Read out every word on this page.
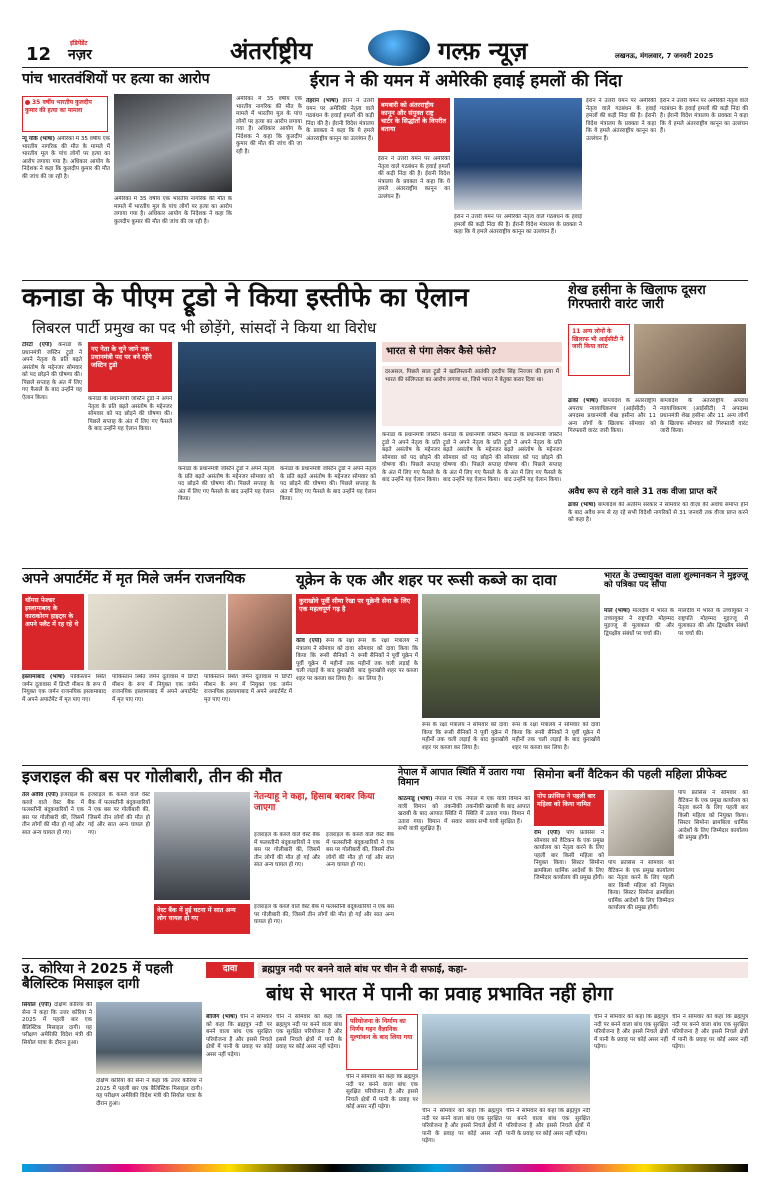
12
इंडिपेंडेंट
नज़र	अंतर्राष्ट्रीय	गल्फ़ न्यूज़	लखनऊ, मंगलवार, 7 जनवरी 2025
पांच भारतवंशियों पर हत्या का आरोप
35 वर्षीय भारतीय कुलदीप कुमार की हत्या का मामला
न्यू यॉर्क (भाषा) अमेरिका में 35 वर्षीय एक भारतीय नागरिक की मौत के मामले में भारतीय मूल के पांच लोगों पर हत्या का आरोप लगाया गया है। अधिकार आयोग के निदेशक ने कहा कि कुलदीप कुमार की मौत की जांच की जा रही है।
अमेरिका में 35 वर्षीय एक भारतीय नागरिक की मौत के मामले में भारतीय मूल के पांच लोगों पर हत्या का आरोप लगाया गया है। अधिकार आयोग के निदेशक ने कहा कि कुलदीप कुमार की मौत की जांच की जा रही है।
अमेरिका में 35 वर्षीय एक भारतीय नागरिक की मौत के मामले में भारतीय मूल के पांच लोगों पर हत्या का आरोप लगाया गया है। अधिकार आयोग के निदेशक ने कहा कि कुलदीप कुमार की मौत की जांच की जा रही है।
ईरान ने की यमन में अमेरिकी हवाई हमलों की निंदा
तेहरान (भाषा) ईरान ने उत्तरी यमन पर अमेरिकी नेतृत्व वाले गठबंधन के हवाई हमलों की कड़ी निंदा की है। ईरानी विदेश मंत्रालय के प्रवक्ता ने कहा कि ये हमले अंतरराष्ट्रीय कानून का उल्लंघन हैं।
बमबारी को अंतरराष्ट्रीय कानून और संयुक्त राष्ट्र चार्टर के सिद्धांतों के विपरीत बताया
ईरान ने उत्तरी यमन पर अमेरिकी नेतृत्व वाले गठबंधन के हवाई हमलों की कड़ी निंदा की है। ईरानी विदेश मंत्रालय के प्रवक्ता ने कहा कि ये हमले अंतरराष्ट्रीय कानून का उल्लंघन हैं।
ईरान ने उत्तरी यमन पर अमेरिकी नेतृत्व वाले गठबंधन के हवाई हमलों की कड़ी निंदा की है। ईरानी विदेश मंत्रालय के प्रवक्ता ने कहा कि ये हमले अंतरराष्ट्रीय कानून का उल्लंघन हैं।
ईरान ने उत्तरी यमन पर अमेरिकी नेतृत्व वाले गठबंधन के हवाई हमलों की कड़ी निंदा की है। ईरानी विदेश मंत्रालय के प्रवक्ता ने कहा कि ये हमले अंतरराष्ट्रीय कानून का उल्लंघन हैं।
ईरान ने उत्तरी यमन पर अमेरिकी नेतृत्व वाले गठबंधन के हवाई हमलों की कड़ी निंदा की है। ईरानी विदेश मंत्रालय के प्रवक्ता ने कहा कि ये हमले अंतरराष्ट्रीय कानून का उल्लंघन हैं।
कनाडा के पीएम ट्रूडो ने किया इस्तीफे का ऐलान
लिबरल पार्टी प्रमुख का पद भी छोड़ेंगे, सांसदों ने किया था विरोध
टोरंटो (एपी) कनाडा के प्रधानमंत्री जस्टिन ट्रूडो ने अपने नेतृत्व के प्रति बढ़ते असंतोष के मद्देनजर सोमवार को पद छोड़ने की घोषणा की। पिछले सप्ताह के अंत में लिए गए फैसले के बाद उन्होंने यह ऐलान किया।
नए नेता के चुने जाने तक प्रधानमंत्री पद पर बने रहेंगे जस्टिन ट्रूडो
कनाडा के प्रधानमंत्री जस्टिन ट्रूडो ने अपने नेतृत्व के प्रति बढ़ते असंतोष के मद्देनजर सोमवार को पद छोड़ने की घोषणा की। पिछले सप्ताह के अंत में लिए गए फैसले के बाद उन्होंने यह ऐलान किया।
कनाडा के प्रधानमंत्री जस्टिन ट्रूडो ने अपने नेतृत्व के प्रति बढ़ते असंतोष के मद्देनजर सोमवार को पद छोड़ने की घोषणा की। पिछले सप्ताह के अंत में लिए गए फैसले के बाद उन्होंने यह ऐलान किया।
कनाडा के प्रधानमंत्री जस्टिन ट्रूडो ने अपने नेतृत्व के प्रति बढ़ते असंतोष के मद्देनजर सोमवार को पद छोड़ने की घोषणा की। पिछले सप्ताह के अंत में लिए गए फैसले के बाद उन्होंने यह ऐलान किया।
भारत से पंगा लेकर कैसे फंसे?
दरअसल, पिछले साल ट्रूडो ने खालिस्तानी आतंकी हरदीप सिंह निज्जर की हत्या में भारत की संलिप्तता का आरोप लगाया था, जिसे भारत ने बेतुका करार दिया था।
कनाडा के प्रधानमंत्री जस्टिन ट्रूडो ने अपने नेतृत्व के प्रति बढ़ते असंतोष के मद्देनजर सोमवार को पद छोड़ने की घोषणा की। पिछले सप्ताह के अंत में लिए गए फैसले के बाद उन्होंने यह ऐलान किया।
कनाडा के प्रधानमंत्री जस्टिन ट्रूडो ने अपने नेतृत्व के प्रति बढ़ते असंतोष के मद्देनजर सोमवार को पद छोड़ने की घोषणा की। पिछले सप्ताह के अंत में लिए गए फैसले के बाद उन्होंने यह ऐलान किया।
कनाडा के प्रधानमंत्री जस्टिन ट्रूडो ने अपने नेतृत्व के प्रति बढ़ते असंतोष के मद्देनजर सोमवार को पद छोड़ने की घोषणा की। पिछले सप्ताह के अंत में लिए गए फैसले के बाद उन्होंने यह ऐलान किया।
शेख हसीना के खिलाफ दूसरा गिरफ्तारी वारंट जारी
11 अन्य लोगों के खिलाफ भी आईसीटी ने जारी किया वारंट
ढाका (भाषा) बांग्लादेश के अंतरराष्ट्रीय अपराध न्यायाधिकरण (आईसीटी) ने अपदस्थ प्रधानमंत्री शेख हसीना और 11 अन्य लोगों के खिलाफ सोमवार को गिरफ्तारी वारंट जारी किया।
बांग्लादेश के अंतरराष्ट्रीय अपराध न्यायाधिकरण (आईसीटी) ने अपदस्थ प्रधानमंत्री शेख हसीना और 11 अन्य लोगों के खिलाफ सोमवार को गिरफ्तारी वारंट जारी किया।
अवैध रूप से रहने वाले 31 तक वीजा प्राप्त करें
ढाका (भाषा) बांग्लादेश की अंतरिम सरकार ने सोमवार को वीज़ा की अवधि समाप्त होने के बाद अवैध रूप से रह रहे सभी विदेशी नागरिकों से 31 जनवरी तक वीजा प्राप्त करने को कहा है।
अपने अपार्टमेंट में मृत मिले जर्मन राजनयिक
थॉमस फेल्डर इस्लामाबाद के काराकोरम हाइट्स के अपने फ्लैट में रह रहे थे
इस्लामाबाद (भाषा) पाकिस्तान स्थित जर्मन दूतावास में डिप्टी मीशन के रूप में नियुक्त एक जर्मन राजनयिक इस्लामाबाद में अपने अपार्टमेंट में मृत पाए गए।
पाकिस्तान स्थित जर्मन दूतावास में डिप्टी मीशन के रूप में नियुक्त एक जर्मन राजनयिक इस्लामाबाद में अपने अपार्टमेंट में मृत पाए गए।
पाकिस्तान स्थित जर्मन दूतावास में डिप्टी मीशन के रूप में नियुक्त एक जर्मन राजनयिक इस्लामाबाद में अपने अपार्टमेंट में मृत पाए गए।
यूक्रेन के एक और शहर पर रूसी कब्जे का दावा
कुराखोवे पूर्वी सीमा रेखा पर यूक्रेनी सेना के लिए एक महत्वपूर्ण गढ़ है
कीव (एपी) रूस के रक्षा मंत्रालय ने सोमवार को दावा किया कि रूसी सैनिकों ने पूर्वी यूक्रेन में महीनों तक चली लड़ाई के बाद कुराखोवे शहर पर कब्जा कर लिया है।
रूस के रक्षा मंत्रालय ने सोमवार को दावा किया कि रूसी सैनिकों ने पूर्वी यूक्रेन में महीनों तक चली लड़ाई के बाद कुराखोवे शहर पर कब्जा कर लिया है।
रूस के रक्षा मंत्रालय ने सोमवार को दावा किया कि रूसी सैनिकों ने पूर्वी यूक्रेन में महीनों तक चली लड़ाई के बाद कुराखोवे शहर पर कब्जा कर लिया है।
रूस के रक्षा मंत्रालय ने सोमवार को दावा किया कि रूसी सैनिकों ने पूर्वी यूक्रेन में महीनों तक चली लड़ाई के बाद कुराखोवे शहर पर कब्जा कर लिया है।
भारत के उच्चायुक्त वाला शुल्मानकन ने मुइज्जू को पत्रिका पद सौंपा
माले (भाषा) मालदीव में भारत के उच्चायुक्त ने राष्ट्रपति मोहम्मद मुइज्जू से मुलाकात की और द्विपक्षीय संबंधों पर चर्चा की।
मालदीव में भारत के उच्चायुक्त ने राष्ट्रपति मोहम्मद मुइज्जू से मुलाकात की और द्विपक्षीय संबंधों पर चर्चा की।
इजराइल की बस पर गोलीबारी, तीन की मौत
तेल अवीव (एपी) इजराइल के कब्जे वाले वेस्ट बैंक में फलस्तीनी बंदूकधारियों ने एक बस पर गोलीबारी की, जिसमें तीन लोगों की मौत हो गई और सात अन्य घायल हो गए।
इजराइल के कब्जे वाले वेस्ट बैंक में फलस्तीनी बंदूकधारियों ने एक बस पर गोलीबारी की, जिसमें तीन लोगों की मौत हो गई और सात अन्य घायल हो गए।
नेतन्याहू ने कहा, हिसाब बराबर किया जाएगा
इजराइल के कब्जे वाले वेस्ट बैंक में फलस्तीनी बंदूकधारियों ने एक बस पर गोलीबारी की, जिसमें तीन लोगों की मौत हो गई और सात अन्य घायल हो गए।
इजराइल के कब्जे वाले वेस्ट बैंक में फलस्तीनी बंदूकधारियों ने एक बस पर गोलीबारी की, जिसमें तीन लोगों की मौत हो गई और सात अन्य घायल हो गए।
वेस्ट बैंक में हुई घटना में सात अन्य लोग घायल हो गए
इजराइल के कब्जे वाले वेस्ट बैंक में फलस्तीनी बंदूकधारियों ने एक बस पर गोलीबारी की, जिसमें तीन लोगों की मौत हो गई और सात अन्य घायल हो गए।
नेपाल में आपात स्थिति में उतारा गया विमान
काठमांडू (भाषा) नेपाल में एक यात्री विमान को तकनीकी खराबी के बाद आपात स्थिति में उतारा गया। विमान में सवार सभी यात्री सुरक्षित हैं।
नेपाल में एक यात्री विमान को तकनीकी खराबी के बाद आपात स्थिति में उतारा गया। विमान में सवार सभी यात्री सुरक्षित हैं।
सिमोना बनीं वैटिकन की पहली महिला प्रीफेक्ट
पोप फ्रांसिस ने पहली बार महिला को किया नामित
रोम (एपी) पोप फ्रांसिस ने सोमवार को वैटिकन के एक प्रमुख कार्यालय का नेतृत्व करने के लिए पहली बार किसी महिला को नियुक्त किया। सिस्टर सिमोना ब्रामबिला धार्मिक आदेशों के लिए जिम्मेदार कार्यालय की प्रमुख होंगी।
पोप फ्रांसिस ने सोमवार को वैटिकन के एक प्रमुख कार्यालय का नेतृत्व करने के लिए पहली बार किसी महिला को नियुक्त किया। सिस्टर सिमोना ब्रामबिला धार्मिक आदेशों के लिए जिम्मेदार कार्यालय की प्रमुख होंगी।
पोप फ्रांसिस ने सोमवार को वैटिकन के एक प्रमुख कार्यालय का नेतृत्व करने के लिए पहली बार किसी महिला को नियुक्त किया। सिस्टर सिमोना ब्रामबिला धार्मिक आदेशों के लिए जिम्मेदार कार्यालय की प्रमुख होंगी।
उ. कोरिया ने 2025 में पहली बैलिस्टिक मिसाइल दागी
सियोल (एपी) दक्षिण कोरिया की सेना ने कहा कि उत्तर कोरिया ने 2025 में पहली बार एक बैलिस्टिक मिसाइल दागी। यह परीक्षण अमेरिकी विदेश मंत्री की सियोल यात्रा के दौरान हुआ।
दक्षिण कोरिया की सेना ने कहा कि उत्तर कोरिया ने 2025 में पहली बार एक बैलिस्टिक मिसाइल दागी। यह परीक्षण अमेरिकी विदेश मंत्री की सियोल यात्रा के दौरान हुआ।
दावा	ब्रह्मपुत्र नदी पर बनने वाले बांध पर चीन ने दी सफाई, कहा-
बांध से भारत में पानी का प्रवाह प्रभावित नहीं होगा
बीजिंग (भाषा) चीन ने सोमवार को कहा कि ब्रह्मपुत्र नदी पर बनने वाला बांध एक सुरक्षित परियोजना है और इससे निचले क्षेत्रों में पानी के प्रवाह पर कोई असर नहीं पड़ेगा।
चीन ने सोमवार को कहा कि ब्रह्मपुत्र नदी पर बनने वाला बांध एक सुरक्षित परियोजना है और इससे निचले क्षेत्रों में पानी के प्रवाह पर कोई असर नहीं पड़ेगा।
परियोजना के निर्माण का निर्णय गहन वैज्ञानिक मूल्यांकन के बाद लिया गया
चीन ने सोमवार को कहा कि ब्रह्मपुत्र नदी पर बनने वाला बांध एक सुरक्षित परियोजना है और इससे निचले क्षेत्रों में पानी के प्रवाह पर कोई असर नहीं पड़ेगा।
चीन ने सोमवार को कहा कि ब्रह्मपुत्र नदी पर बनने वाला बांध एक सुरक्षित परियोजना है और इससे निचले क्षेत्रों में पानी के प्रवाह पर कोई असर नहीं पड़ेगा।
चीन ने सोमवार को कहा कि ब्रह्मपुत्र नदी पर बनने वाला बांध एक सुरक्षित परियोजना है और इससे निचले क्षेत्रों में पानी के प्रवाह पर कोई असर नहीं पड़ेगा।
चीन ने सोमवार को कहा कि ब्रह्मपुत्र नदी पर बनने वाला बांध एक सुरक्षित परियोजना है और इससे निचले क्षेत्रों में पानी के प्रवाह पर कोई असर नहीं पड़ेगा।
चीन ने सोमवार को कहा कि ब्रह्मपुत्र नदी पर बनने वाला बांध एक सुरक्षित परियोजना है और इससे निचले क्षेत्रों में पानी के प्रवाह पर कोई असर नहीं पड़ेगा।
